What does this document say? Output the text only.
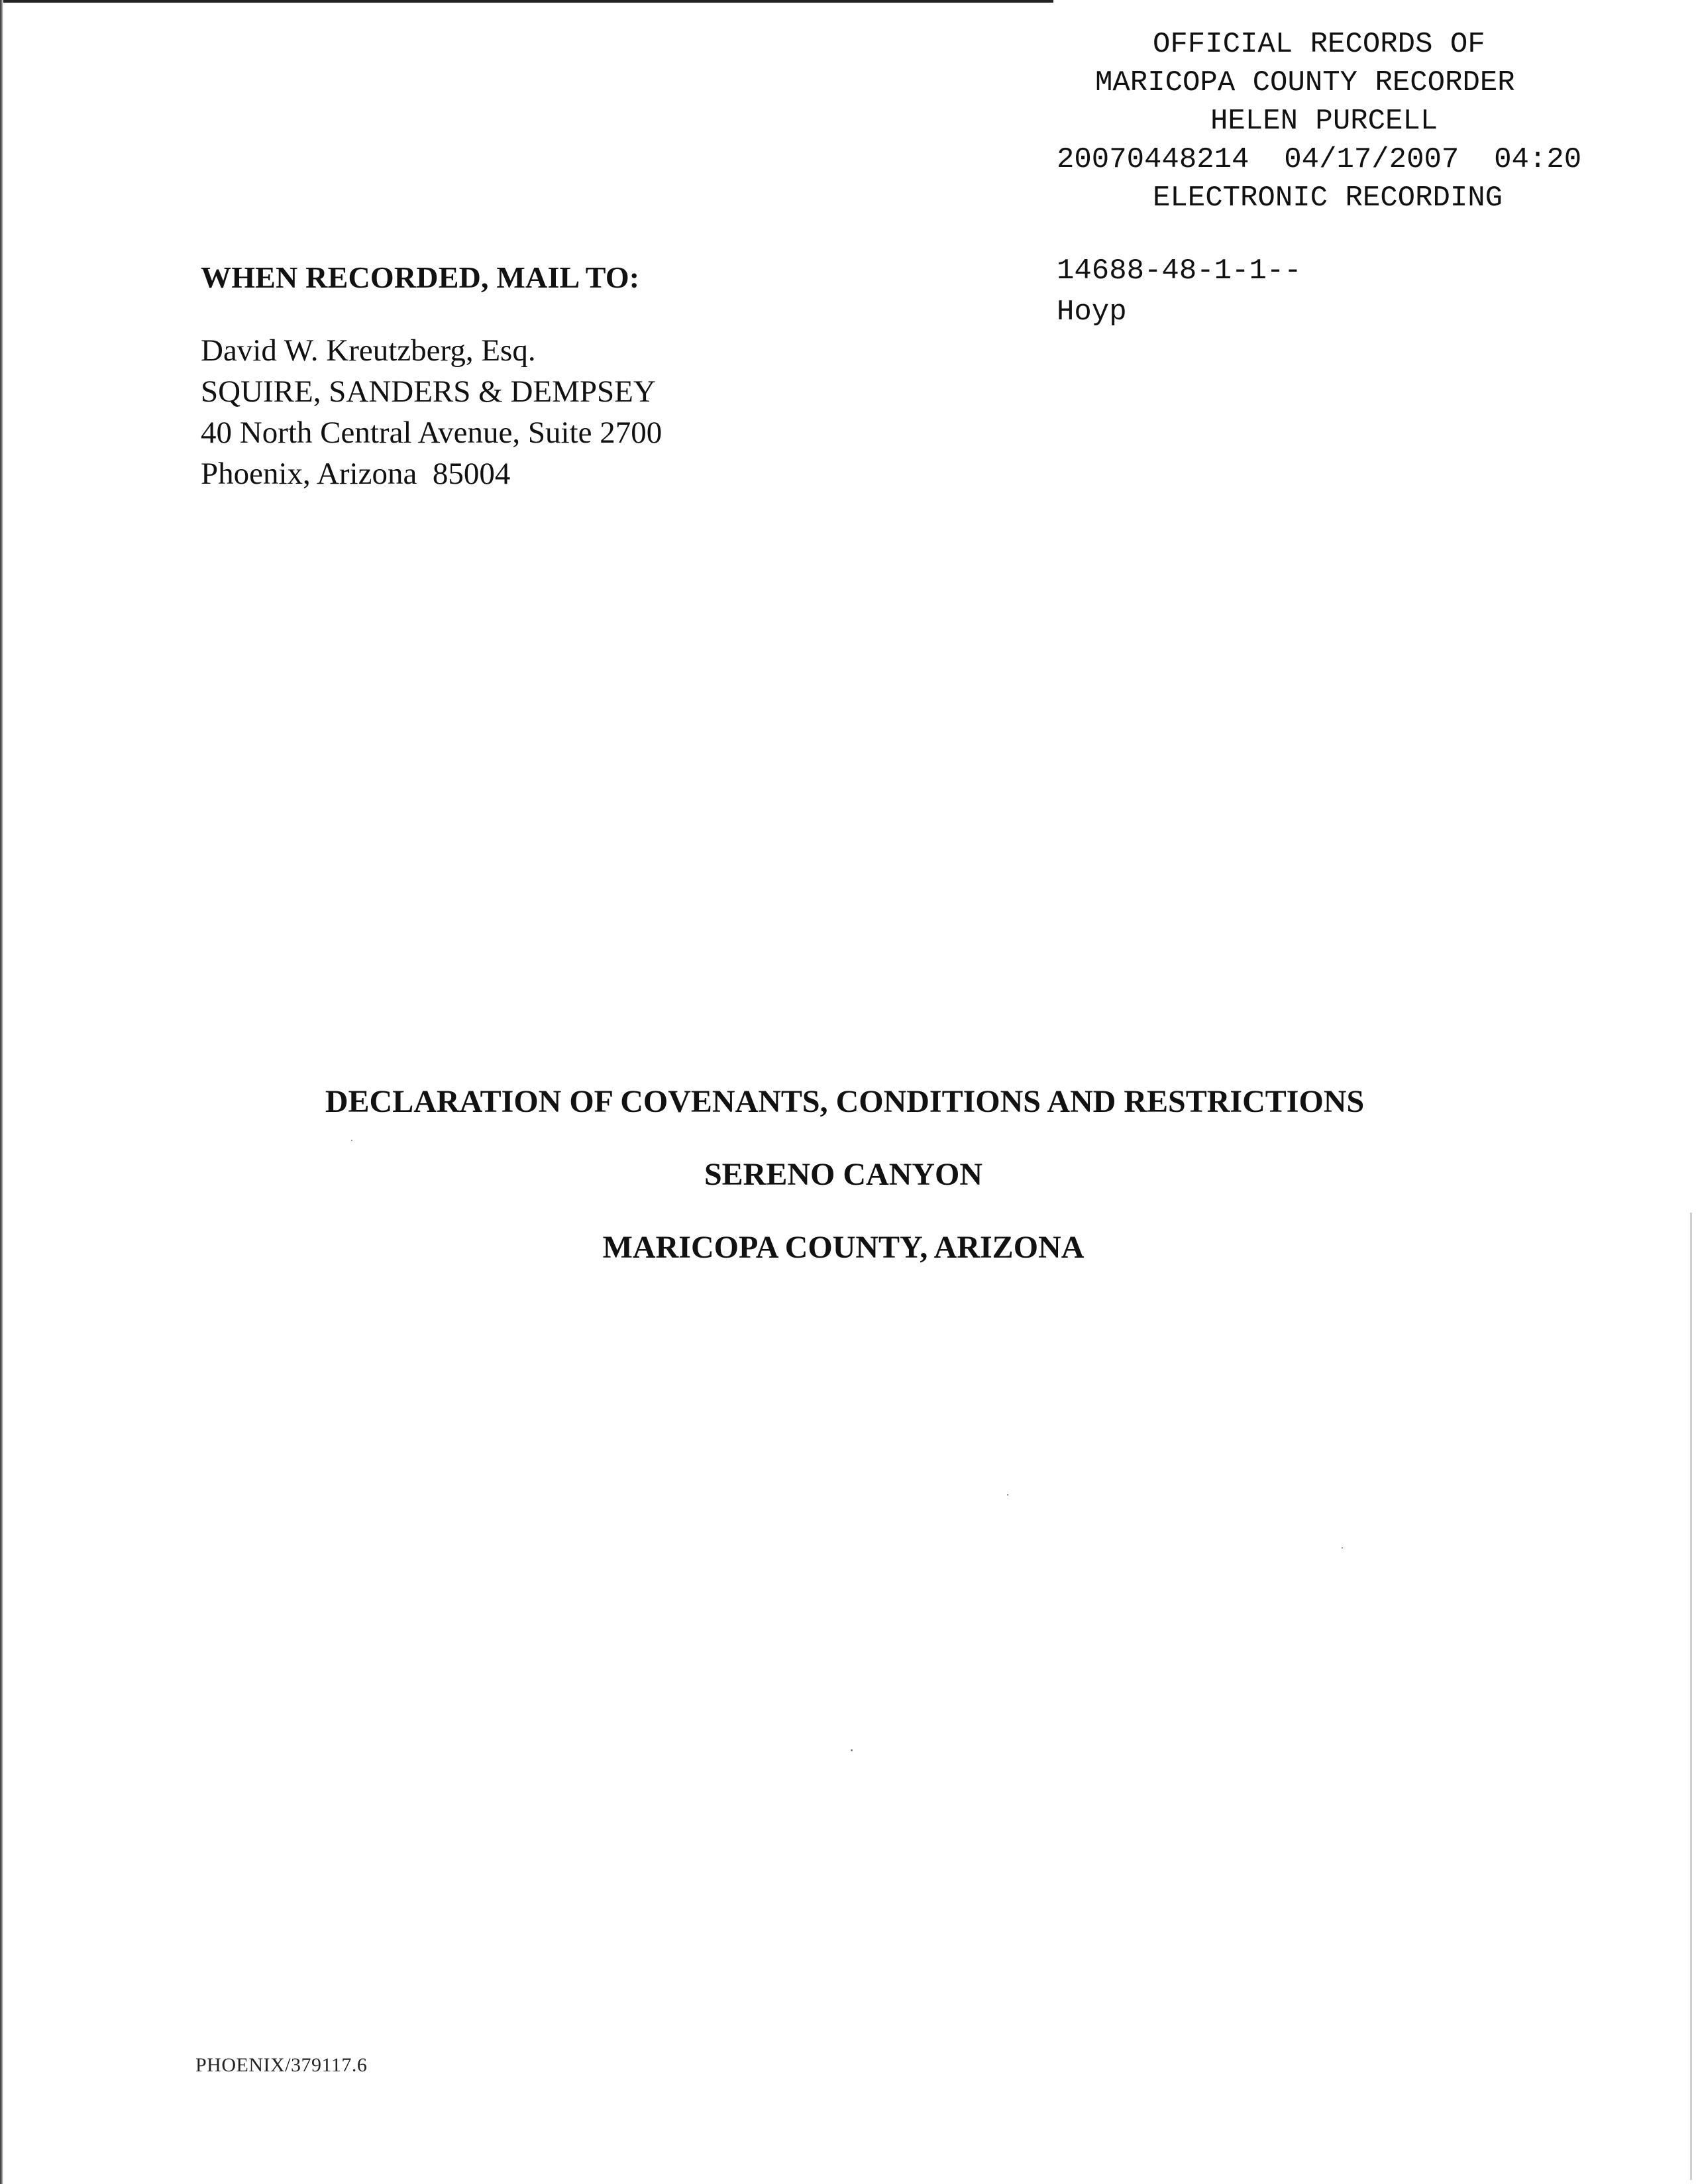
OFFICIAL RECORDS OF
MARICOPA COUNTY RECORDER
HELEN PURCELL
20070448214  04/17/2007  04:20
ELECTRONIC RECORDING
14688-48-1-1--
Hoyp
WHEN RECORDED, MAIL TO:
David W. Kreutzberg, Esq.
SQUIRE, SANDERS & DEMPSEY
40 North Central Avenue, Suite 2700
Phoenix, Arizona  85004
DECLARATION OF COVENANTS, CONDITIONS AND RESTRICTIONS
SERENO CANYON
MARICOPA COUNTY, ARIZONA
PHOENIX/379117.6
